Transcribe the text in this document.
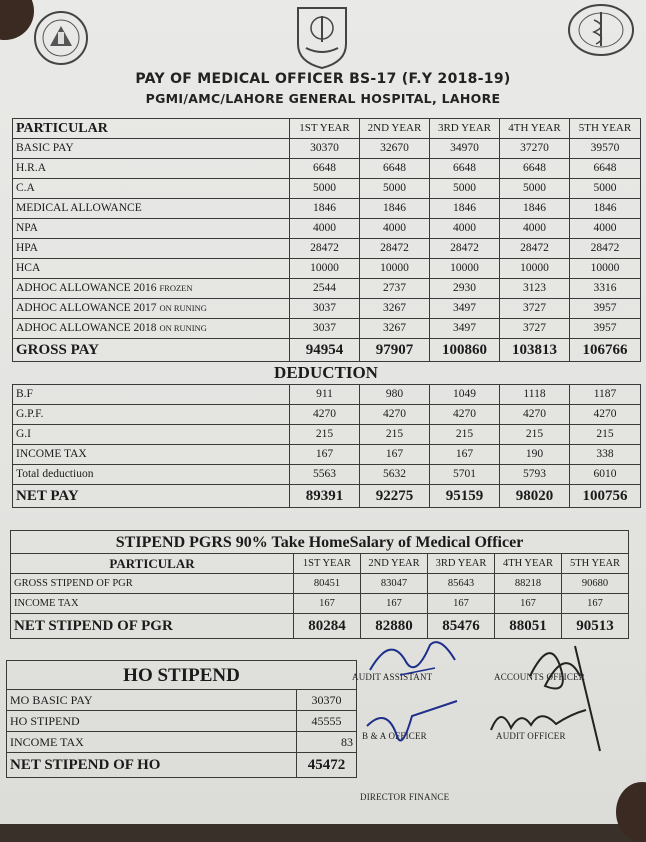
PAY OF MEDICAL OFFICER BS-17 (F.Y 2018-19)
PGMI/AMC/LAHORE GENERAL HOSPITAL, LAHORE
PARTICULAR	1ST YEAR	2ND YEAR	3RD YEAR	4TH YEAR	5TH YEAR
BASIC PAY	30370	32670	34970	37270	39570
H.R.A	6648	6648	6648	6648	6648
C.A	5000	5000	5000	5000	5000
MEDICAL ALLOWANCE	1846	1846	1846	1846	1846
NPA	4000	4000	4000	4000	4000
HPA	28472	28472	28472	28472	28472
HCA	10000	10000	10000	10000	10000
ADHOC ALLOWANCE 2016 FROZEN	2544	2737	2930	3123	3316
ADHOC ALLOWANCE 2017 ON RUNING	3037	3267	3497	3727	3957
ADHOC ALLOWANCE 2018 ON RUNING	3037	3267	3497	3727	3957
GROSS PAY	94954	97907	100860	103813	106766
DEDUCTION
B.F	911	980	1049	1118	1187
G.P.F.	4270	4270	4270	4270	4270
G.I	215	215	215	215	215
INCOME TAX	167	167	167	190	338
Total deductiuon	5563	5632	5701	5793	6010
NET PAY	89391	92275	95159	98020	100756
STIPEND PGRS 90% Take HomeSalary of Medical Officer					
PARTICULAR	1ST YEAR	2ND YEAR	3RD YEAR	4TH YEAR	5TH YEAR
GROSS STIPEND OF PGR	80451	83047	85643	88218	90680
INCOME TAX	167	167	167	167	167
NET STIPEND OF PGR	80284	82880	85476	88051	90513
HO STIPEND	
MO BASIC PAY	30370
HO STIPEND	45555
INCOME TAX	83
NET STIPEND OF HO	45472
AUDIT ASSISTANT	ACCOUNTS OFFICER
B & A OFFICER	AUDIT OFFICER
DIRECTOR FINANCE
